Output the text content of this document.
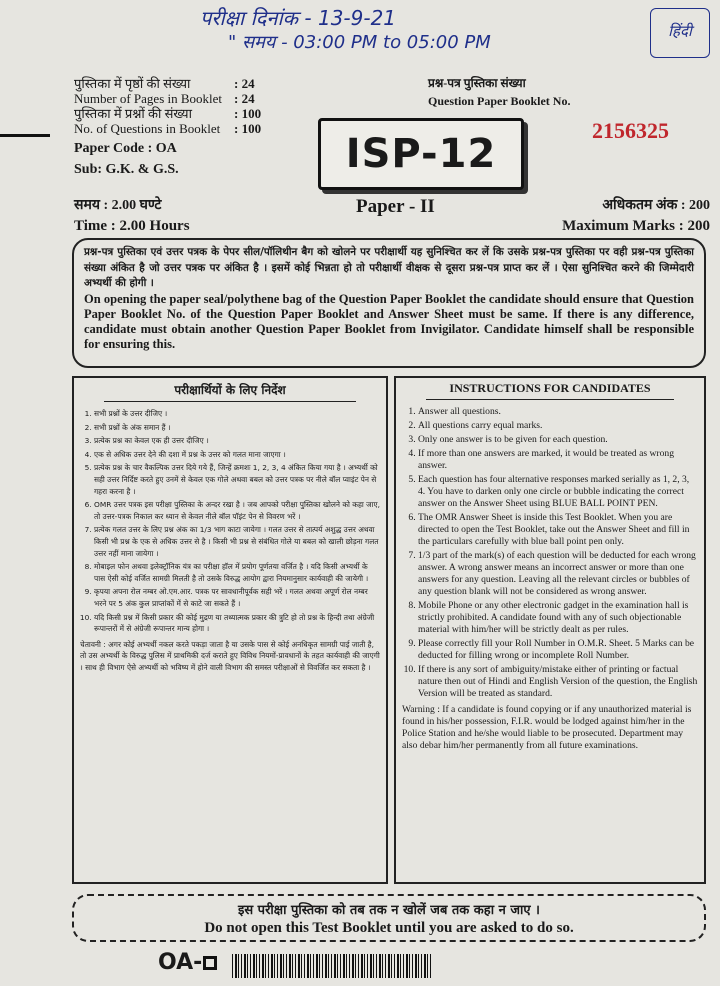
परीक्षा दिनांक - 13-9-21
" समय - 03:00 PM to 05:00 PM
हिंदी
पुस्तिका में पृष्ठों की संख्या	: 24
Number of Pages in Booklet : 24
पुस्तिका में प्रश्नों की संख्या	: 100
No. of Questions in Booklet	: 100
Paper Code : OA
Sub: G.K. & G.S.
प्रश्न-पत्र पुस्तिका संख्या
Question Paper Booklet No.
2156325
ISP-12
समय : 2.00 घण्टे
Time : 2.00 Hours
Paper - II	अधिकतम अंक : 200
Maximum Marks : 200
प्रश्न-पत्र पुस्तिका एवं उत्तर पत्रक के पेपर सील/पॉलिथीन बैग को खोलने पर परीक्षार्थी यह सुनिश्चित कर लें कि उसके प्रश्न-पत्र पुस्तिका पर वही प्रश्न-पत्र पुस्तिका संख्या अंकित है जो उत्तर पत्रक पर अंकित है । इसमें कोई भिन्नता हो तो परीक्षार्थी वीक्षक से दूसरा प्रश्न-पत्र प्राप्त कर लें । ऐसा सुनिश्चित करने की जिम्मेदारी अभ्यर्थी की होगी ।
On opening the paper seal/polythene bag of the Question Paper Booklet the candidate should ensure that Question Paper Booklet No. of the Question Paper Booklet and Answer Sheet must be same. If there is any difference, candidate must obtain another Question Paper Booklet from Invigilator. Candidate himself shall be responsible for ensuring this.
परीक्षार्थियों के लिए निर्देश
1. सभी प्रश्नों के उत्तर दीजिए ।
2. सभी प्रश्नों के अंक समान हैं ।
3. प्रत्येक प्रश्न का केवल एक ही उत्तर दीजिए ।
4. एक से अधिक उत्तर देने की दशा में प्रश्न के उत्तर को गलत माना जाएगा ।
5. प्रत्येक प्रश्न के चार वैकल्पिक उत्तर दिये गये हैं, जिन्हें क्रमशः 1, 2, 3, 4 अंकित किया गया है । अभ्यर्थी को सही उत्तर निर्दिष्ट करते हुए उनमें से केवल एक गोले अथवा बबल को उत्तर पत्रक पर नीले बॉल प्वाइंट पेन से गहरा करना है ।
6. OMR उत्तर पत्रक इस परीक्षा पुस्तिका के अन्दर रखा है । जब आपको परीक्षा पुस्तिका खोलने को कहा जाए, तो उत्तर-पत्रक निकाल कर ध्यान से केवल नीले बॉल पॉइंट पेन से विवरण भरें ।
7. प्रत्येक गलत उत्तर के लिए प्रश्न अंक का 1/3 भाग काटा जायेगा । गलत उत्तर से तात्पर्य अशुद्ध उत्तर अथवा किसी भी प्रश्न के एक से अधिक उत्तर से है । किसी भी प्रश्न से संबंधित गोले या बबल को खाली छोड़ना गलत उत्तर नहीं माना जायेगा ।
8. मोबाइल फोन अथवा इलेक्ट्रॉनिक यंत्र का परीक्षा हॉल में प्रयोग पूर्णतया वर्जित है । यदि किसी अभ्यर्थी के पास ऐसी कोई वर्जित सामग्री मिलती है तो उसके विरुद्ध आयोग द्वारा नियमानुसार कार्यवाही की जायेगी ।
9. कृपया अपना रोल नम्बर ओ.एम.आर. पत्रक पर सावधानीपूर्वक सही भरें । गलत अथवा अपूर्ण रोल नम्बर भरने पर 5 अंक कुल प्राप्तांकों में से काटे जा सकते हैं ।
10. यदि किसी प्रश्न में किसी प्रकार की कोई मुद्रण या तथ्यात्मक प्रकार की त्रुटि हो तो प्रश्न के हिन्दी तथा अंग्रेजी रूपान्तरों में से अंग्रेजी रूपान्तर मान्य होगा ।
चेतावनी : अगर कोई अभ्यर्थी नकल करते पकड़ा जाता है या उसके पास से कोई अनधिकृत सामग्री पाई जाती है, तो उस अभ्यर्थी के विरुद्ध पुलिस में प्राथमिकी दर्ज कराते हुए विविध नियमों-प्रावधानों के तहत कार्यवाही की जाएगी । साथ ही विभाग ऐसे अभ्यर्थी को भविष्य में होने वाली विभाग की समस्त परीक्षाओं से विवर्जित कर सकता है ।
INSTRUCTIONS FOR CANDIDATES
1. Answer all questions.
2. All questions carry equal marks.
3. Only one answer is to be given for each question.
4. If more than one answers are marked, it would be treated as wrong answer.
5. Each question has four alternative responses marked serially as 1, 2, 3, 4. You have to darken only one circle or bubble indicating the correct answer on the Answer Sheet using BLUE BALL POINT PEN.
6. The OMR Answer Sheet is inside this Test Booklet. When you are directed to open the Test Booklet, take out the Answer Sheet and fill in the particulars carefully with blue ball point pen only.
7. 1/3 part of the mark(s) of each question will be deducted for each wrong answer. A wrong answer means an incorrect answer or more than one answers for any question. Leaving all the relevant circles or bubbles of any question blank will not be considered as wrong answer.
8. Mobile Phone or any other electronic gadget in the examination hall is strictly prohibited. A candidate found with any of such objectionable material with him/her will be strictly dealt as per rules.
9. Please correctly fill your Roll Number in O.M.R. Sheet. 5 Marks can be deducted for filling wrong or incomplete Roll Number.
10. If there is any sort of ambiguity/mistake either of printing or factual nature then out of Hindi and English Version of the question, the English Version will be treated as standard.
Warning : If a candidate is found copying or if any unauthorized material is found in his/her possession, F.I.R. would be lodged against him/her in the Police Station and he/she would liable to be prosecuted. Department may also debar him/her permanently from all future examinations.
इस परीक्षा पुस्तिका को तब तक न खोलें जब तक कहा न जाए ।
Do not open this Test Booklet until you are asked to do so.
OA-
